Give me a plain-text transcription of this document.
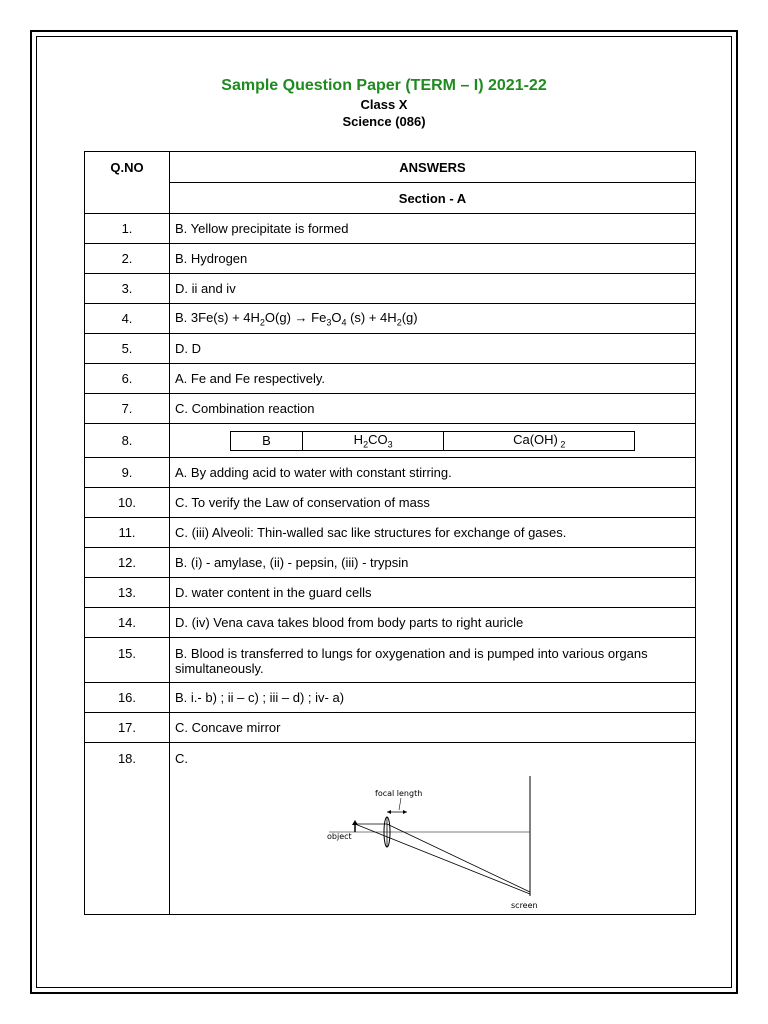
Sample Question Paper (TERM – I) 2021-22
Class X
Science (086)
Q.NO	ANSWERS
Section - A
1.	B. Yellow precipitate is formed
2.	B. Hydrogen
3.	D. ii and iv
4.	B. $3Fe(s) + 4H_2O(g) \to Fe_3O_4$ $(s) + 4H_2(g)$
5.	D. D
6.	A. Fe and Fe respectively.
7.	C. Combination reaction
8.		B	$H_2CO_3$	Ca(OH) $_2$

9.	A. By adding acid to water with constant stirring.
10.	C. To verify the Law of conservation of mass
11.	C. (iii) Alveoli: Thin-walled sac like structures for exchange of gases.
12.	B. (i) - amylase, (ii) - pepsin, (iii) - trypsin
13.	D. water content in the guard cells
14.	D. (iv) Vena cava takes blood from body parts to right auricle
15.	B. Blood is transferred to lungs for oxygenation and is pumped into various organs simultaneously.
16.	B. i.- b) ; ii – c) ; iii – d) ; iv- a)
17.	C. Concave mirror
18.	C.
focal length
object
screen
